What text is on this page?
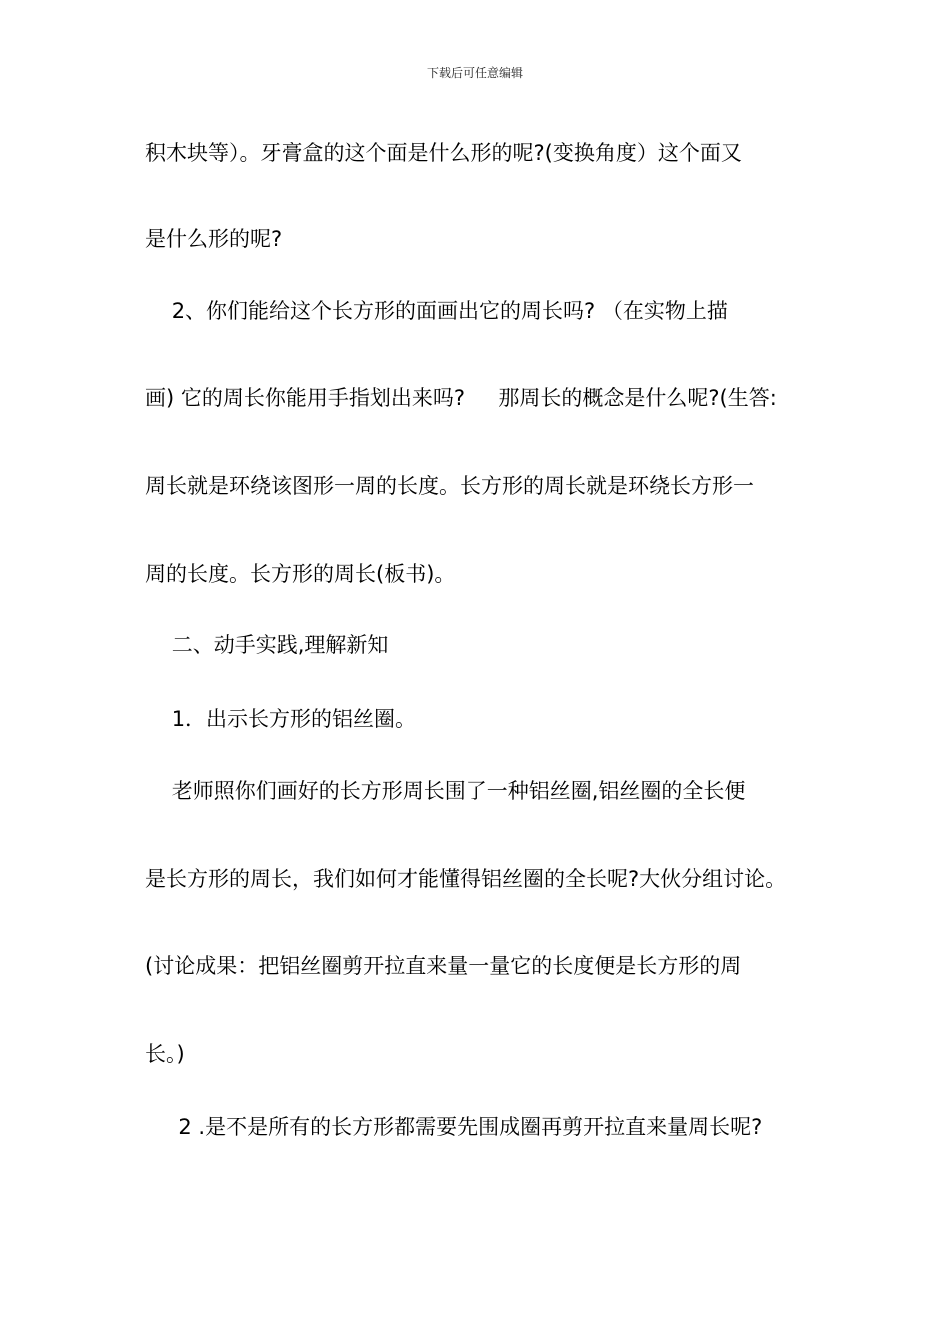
下载后可任意编辑
积木块等）。牙膏盒的这个面是什么形的呢?(变换角度）这个面又
是什么形的呢?
2、你们能给这个长方形的面画出它的周长吗? （在实物上描
画) 它的周长你能用手指划出来吗?     那周长的概念是什么呢?(生答:
周长就是环绕该图形一周的长度。长方形的周长就是环绕长方形一
周的长度。长方形的周长(板书)。
二、动手实践,理解新知
1．出示长方形的铝丝圈。
老师照你们画好的长方形周长围了一种铝丝圈,铝丝圈的全长便
是长方形的周长，我们如何才能懂得铝丝圈的全长呢?大伙分组讨论。
(讨论成果：把铝丝圈剪开拉直来量一量它的长度便是长方形的周
长。)
2 .是不是所有的长方形都需要先围成圈再剪开拉直来量周长呢?
